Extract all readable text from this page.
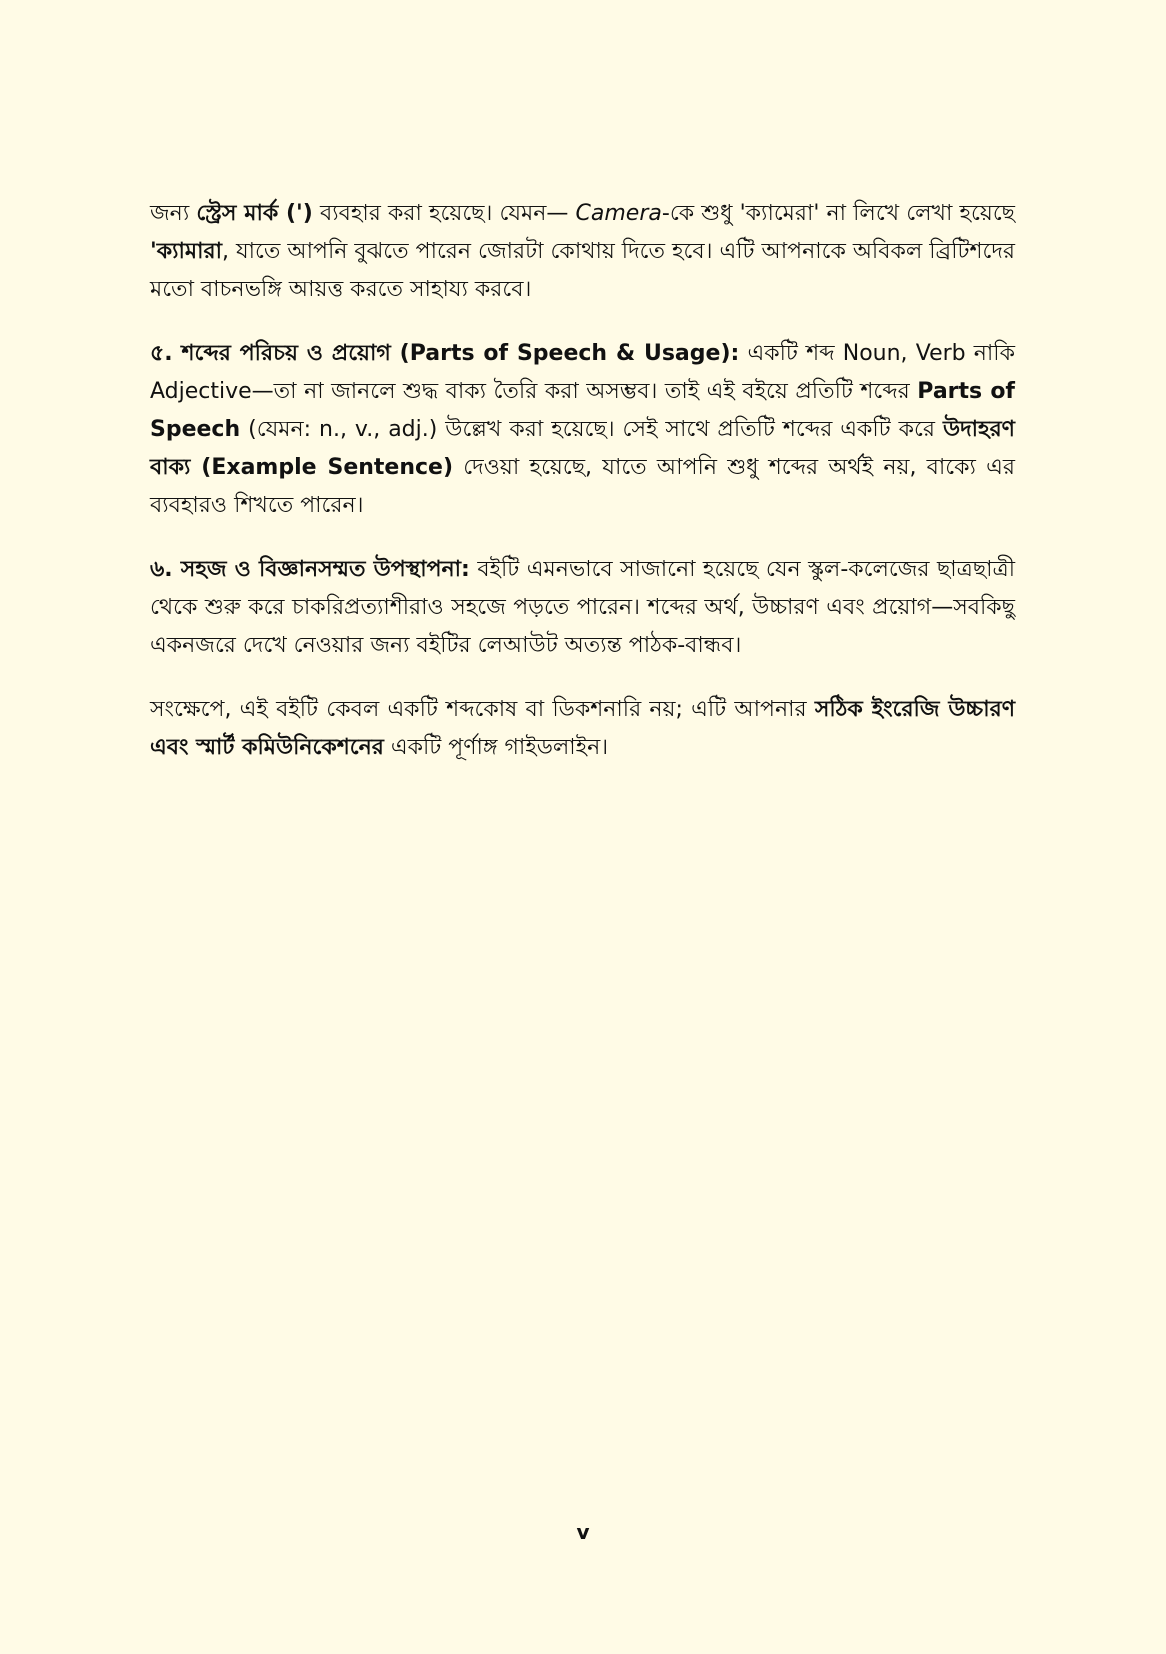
জন্য স্ট্রেস মার্ক (') ব্যবহার করা হয়েছে। যেমন— Camera-কে শুধু 'ক্যামেরা' না লিখে লেখা হয়েছে 'ক্যামারা, যাতে আপনি বুঝতে পারেন জোরটা কোথায় দিতে হবে। এটি আপনাকে অবিকল ব্রিটিশদের মতো বাচনভঙ্গি আয়ত্ত করতে সাহায্য করবে।

৫. শব্দের পরিচয় ও প্রয়োগ (Parts of Speech & Usage): একটি শব্দ Noun, Verb নাকি Adjective—তা না জানলে শুদ্ধ বাক্য তৈরি করা অসম্ভব। তাই এই বইয়ে প্রতিটি শব্দের Parts of Speech (যেমন: n., v., adj.) উল্লেখ করা হয়েছে। সেই সাথে প্রতিটি শব্দের একটি করে উদাহরণ বাক্য (Example Sentence) দেওয়া হয়েছে, যাতে আপনি শুধু শব্দের অর্থই নয়, বাক্যে এর ব্যবহারও শিখতে পারেন।

৬. সহজ ও বিজ্ঞানসম্মত উপস্থাপনা: বইটি এমনভাবে সাজানো হয়েছে যেন স্কুল-কলেজের ছাত্রছাত্রী থেকে শুরু করে চাকরিপ্রত্যাশীরাও সহজে পড়তে পারেন। শব্দের অর্থ, উচ্চারণ এবং প্রয়োগ—সবকিছু একনজরে দেখে নেওয়ার জন্য বইটির লেআউট অত্যন্ত পাঠক-বান্ধব।

সংক্ষেপে, এই বইটি কেবল একটি শব্দকোষ বা ডিকশনারি নয়; এটি আপনার সঠিক ইংরেজি উচ্চারণ এবং স্মার্ট কমিউনিকেশনের একটি পূর্ণাঙ্গ গাইডলাইন।

v
